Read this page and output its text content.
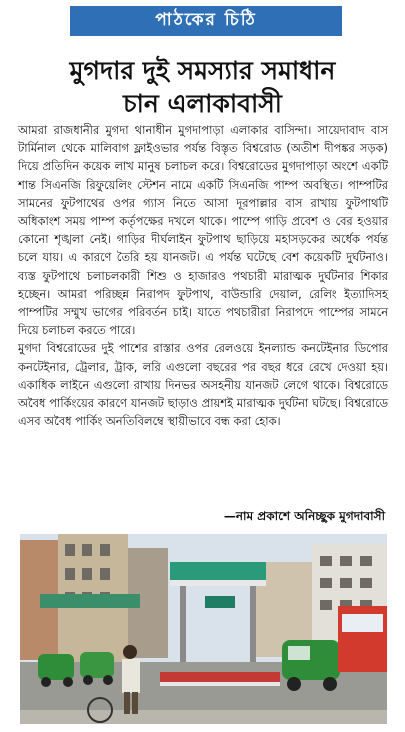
পাঠকের চিঠি
মুগদার দুই সমস্যার সমাধান
চান এলাকাবাসী

আমরা রাজধানীর মুগদা থানাধীন মুগদাপাড়া এলাকার বাসিন্দা। সায়েদাবাদ বাস টার্মিনাল থেকে মালিবাগ ফ্লাইওভার পর্যন্ত বিস্তৃত বিশ্বরোড (অতীশ দীপঙ্কর সড়ক) দিয়ে প্রতিদিন কয়েক লাখ মানুষ চলাচল করে। বিশ্বরোডের মুগদাপাড়া অংশে একটি শান্ত সিএনজি রিফুয়েলিং স্টেশন নামে একটি সিএনজি পাম্প অবস্থিত। পাম্পটির সামনের ফুটপাথের ওপর গ্যাস নিতে আসা দূরপাল্লার বাস রাখায় ফুটপাথটি অধিকাংশ সময় পাম্প কর্তৃপক্ষের দখলে থাকে। পাম্পে গাড়ি প্রবেশ ও বের হওয়ার কোনো শৃঙ্খলা নেই। গাড়ির দীর্ঘলাইন ফুটপাথ ছাড়িয়ে মহাসড়কের অর্ধেক পর্যন্ত চলে যায়। এ কারণে তৈরি হয় যানজট। এ পর্যন্ত ঘটেছে বেশ কয়েকটি দুর্ঘটনাও। ব্যস্ত ফুটপাথে চলাচলকারী শিশু ও হাজারও পথচারী মারাত্মক দুর্ঘটনার শিকার হচ্ছেন। আমরা পরিচ্ছন্ন নিরাপদ ফুটপাথ, বাউন্ডারি দেয়াল, রেলিং ইত্যাদিসহ পাম্পটির সম্মুখ ভাগের পরিবর্তন চাই। যাতে পথচারীরা নিরাপদে পাম্পের সামনে দিয়ে চলাচল করতে পারে।

মুগদা বিশ্বরোডের দুই পাশের রাস্তার ওপর রেলওয়ে ইনল্যান্ড কনটেইনার ডিপোর কনটেইনার, ট্রেলার, ট্রাক, লরি এগুলো বছরের পর বছর ধরে রেখে দেওয়া হয়। একাধিক লাইনে এগুলো রাখায় দিনভর অসহনীয় যানজট লেগে থাকে। বিশ্বরোডে অবৈধ পার্কিংয়ের কারণে যানজট ছাড়াও প্রায়শই মারাত্মক দুর্ঘটনা ঘটছে। বিশ্বরোডে এসব অবৈধ পার্কিং অনতিবিলম্বে স্থায়ীভাবে বন্ধ করা হোক।

—নাম প্রকাশে অনিচ্ছুক মুগদাবাসী
